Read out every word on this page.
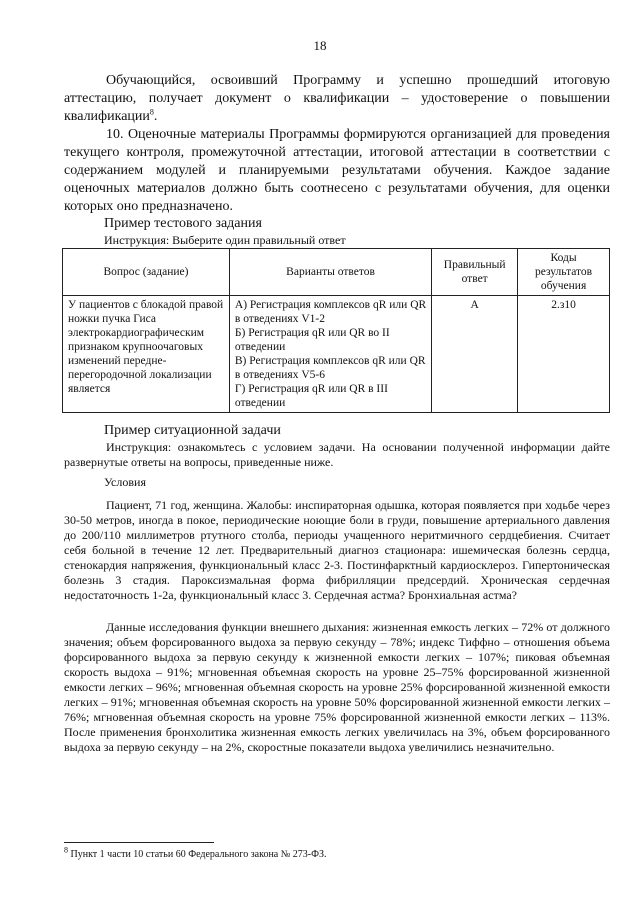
18

Обучающийся, освоивший Программу и успешно прошедший итоговую аттестацию, получает документ о квалификации – удостоверение о повышении квалификации$^8$.

10. Оценочные материалы Программы формируются организацией для проведения текущего контроля, промежуточной аттестации, итоговой аттестации в соответствии с содержанием модулей и планируемыми результатами обучения. Каждое задание оценочных материалов должно быть соотнесено с результатами обучения, для оценки которых оно предназначено.

Пример тестового задания

Инструкция: Выберите один правильный ответ

Вопрос (задание)	Варианты ответов	Правильный ответ	Коды результатов обучения
У пациентов с блокадой правой ножки пучка Гиса электрокардиографическим признаком крупноочаговых изменений передне-перегородочной локализации является	А) Регистрация комплексов qR или QR в отведениях V1-2
Б) Регистрация qR или QR во II отведении
В) Регистрация комплексов qR или QR в отведениях V5-6
Г) Регистрация qR или QR в III отведении	А	2.з10

Пример ситуационной задачи

Инструкция: ознакомьтесь с условием задачи. На основании полученной информации дайте развернутые ответы на вопросы, приведенные ниже.

Условия

Пациент, 71 год, женщина. Жалобы: инспираторная одышка, которая появляется при ходьбе через 30-50 метров, иногда в покое, периодические ноющие боли в груди, повышение артериального давления до 200/110 миллиметров ртутного столба, периоды учащенного неритмичного сердцебиения. Считает себя больной в течение 12 лет. Предварительный диагноз стационара: ишемическая болезнь сердца, стенокардия напряжения, функциональный класс 2-3. Постинфарктный кардиосклероз. Гипертоническая болезнь 3 стадия. Пароксизмальная форма фибрилляции предсердий. Хроническая сердечная недостаточность 1-2а, функциональный класс 3. Сердечная астма? Бронхиальная астма?

Данные исследования функции внешнего дыхания: жизненная емкость легких – 72% от должного значения; объем форсированного выдоха за первую секунду – 78%; индекс Тиффно – отношения объема форсированного выдоха за первую секунду к жизненной емкости легких – 107%; пиковая объемная скорость выдоха – 91%; мгновенная объемная скорость на уровне 25–75% форсированной жизненной емкости легких – 96%; мгновенная объемная скорость на уровне 25% форсированной жизненной емкости легких – 91%; мгновенная объемная скорость на уровне 50% форсированной жизненной емкости легких – 76%; мгновенная объемная скорость на уровне 75% форсированной жизненной емкости легких – 113%. После применения бронхолитика жизненная емкость легких увеличилась на 3%, объем форсированного выдоха за первую секунду – на 2%, скоростные показатели выдоха увеличились незначительно.

$^8$ Пункт 1 части 10 статьи 60 Федерального закона № 273-ФЗ.
